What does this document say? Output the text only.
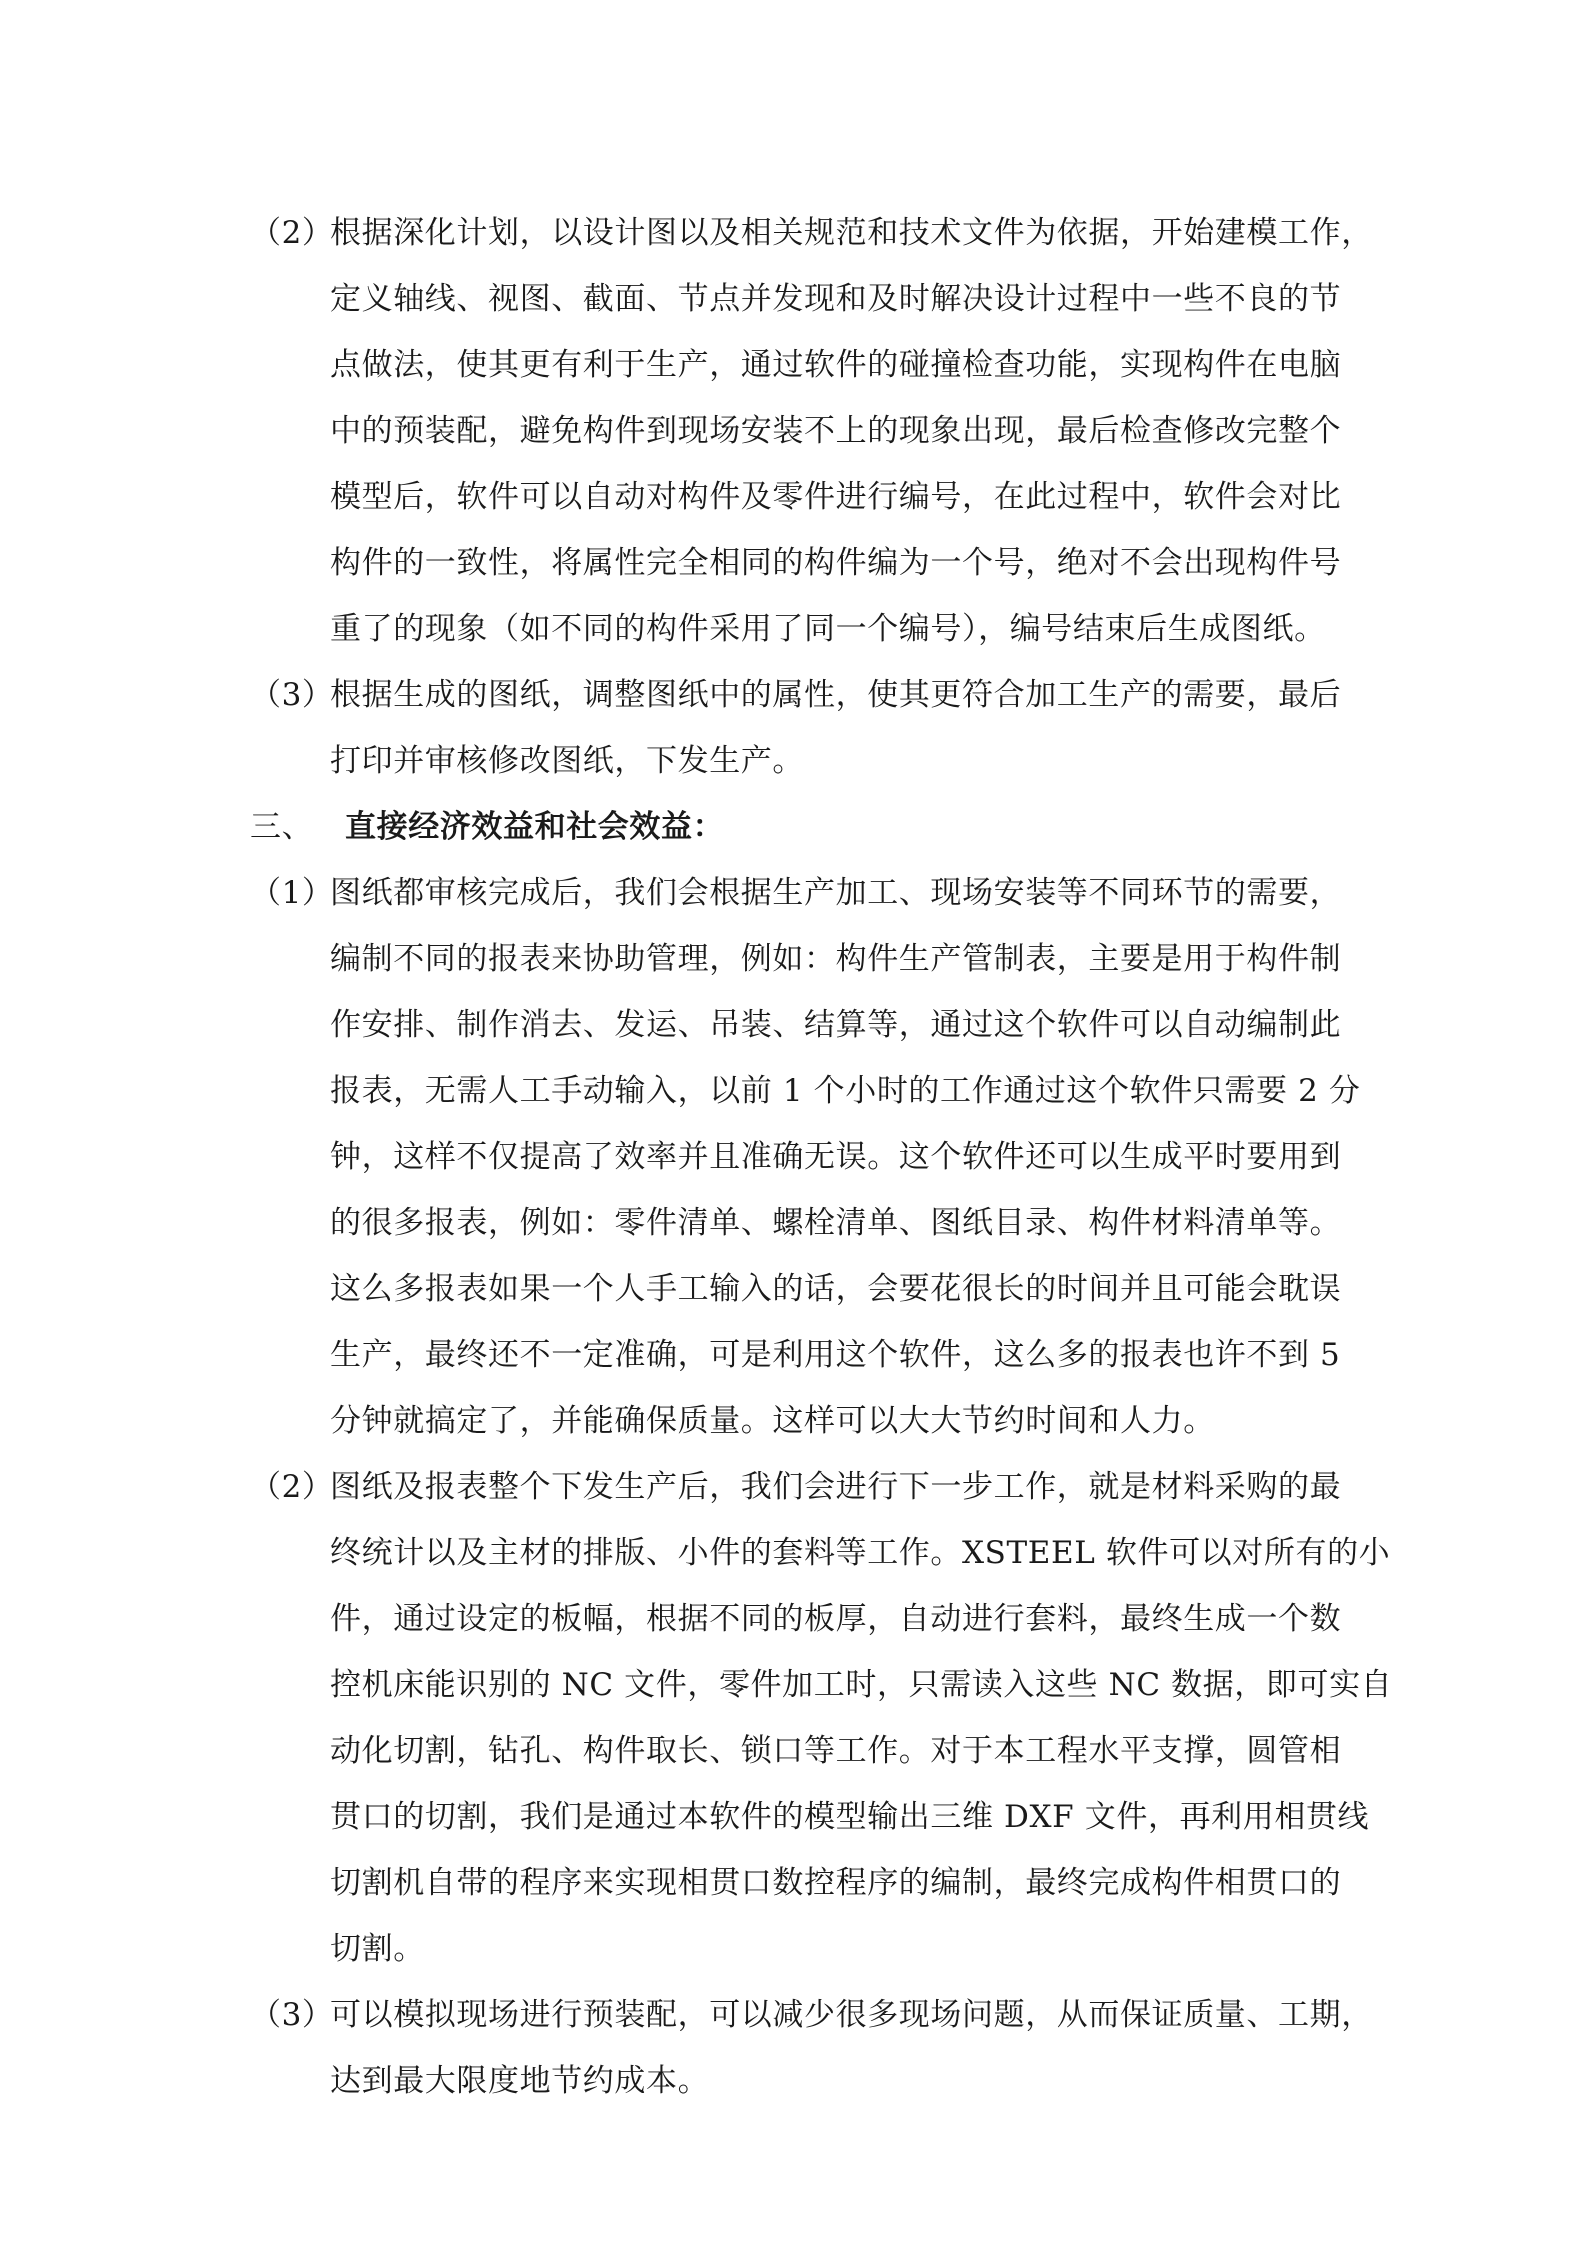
（2）根据深化计划，以设计图以及相关规范和技术文件为依据，开始建模工作，
定义轴线、视图、截面、节点并发现和及时解决设计过程中一些不良的节
点做法，使其更有利于生产，通过软件的碰撞检查功能，实现构件在电脑
中的预装配，避免构件到现场安装不上的现象出现，最后检查修改完整个
模型后，软件可以自动对构件及零件进行编号，在此过程中，软件会对比
构件的一致性，将属性完全相同的构件编为一个号，绝对不会出现构件号
重了的现象（如不同的构件采用了同一个编号），编号结束后生成图纸。
（3）根据生成的图纸，调整图纸中的属性，使其更符合加工生产的需要，最后
打印并审核修改图纸，下发生产。
三、 直接经济效益和社会效益：
（1）图纸都审核完成后，我们会根据生产加工、现场安装等不同环节的需要，
编制不同的报表来协助管理，例如：构件生产管制表，主要是用于构件制
作安排、制作消去、发运、吊装、结算等，通过这个软件可以自动编制此
报表，无需人工手动输入，以前 1 个小时的工作通过这个软件只需要 2 分
钟，这样不仅提高了效率并且准确无误。这个软件还可以生成平时要用到
的很多报表，例如：零件清单、螺栓清单、图纸目录、构件材料清单等。
这么多报表如果一个人手工输入的话，会要花很长的时间并且可能会耽误
生产，最终还不一定准确，可是利用这个软件，这么多的报表也许不到 5
分钟就搞定了，并能确保质量。这样可以大大节约时间和人力。
（2）图纸及报表整个下发生产后，我们会进行下一步工作，就是材料采购的最
终统计以及主材的排版、小件的套料等工作。XSTEEL 软件可以对所有的小
件，通过设定的板幅，根据不同的板厚，自动进行套料，最终生成一个数
控机床能识别的 NC 文件，零件加工时，只需读入这些 NC 数据，即可实自
动化切割，钻孔、构件取长、锁口等工作。对于本工程水平支撑，圆管相
贯口的切割，我们是通过本软件的模型输出三维 DXF 文件，再利用相贯线
切割机自带的程序来实现相贯口数控程序的编制，最终完成构件相贯口的
切割。
（3）可以模拟现场进行预装配，可以减少很多现场问题，从而保证质量、工期，
达到最大限度地节约成本。
